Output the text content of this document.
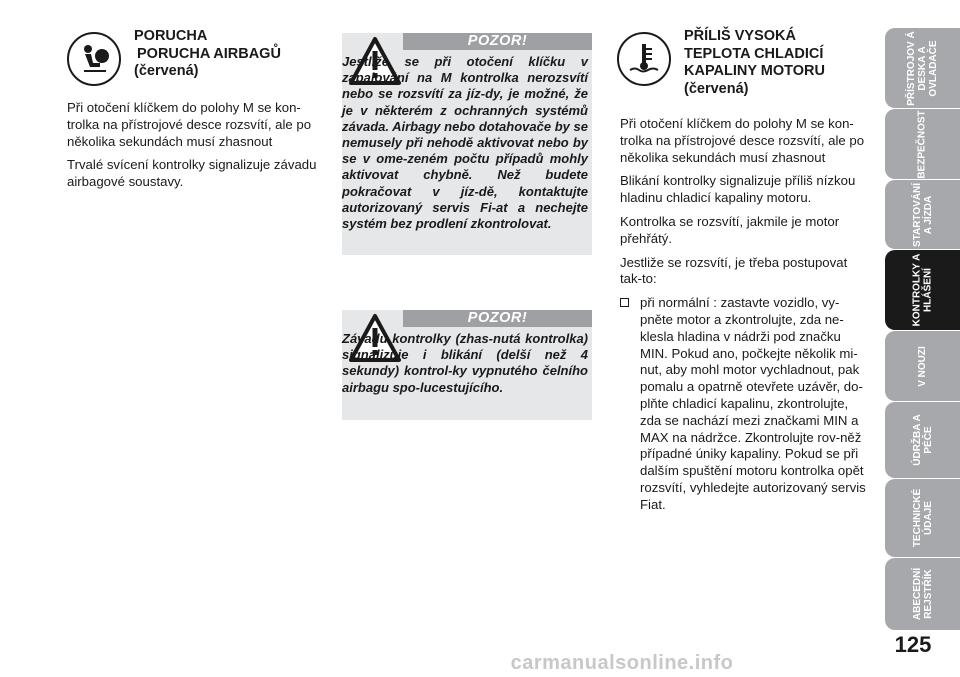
PORUCHA
PORUCHA AIRBAGŮ
(červená)

Při otočení klíčkem do polohy M se kon-trolka na přístrojové desce rozsvítí, ale po několika sekundách musí zhasnout

Trvalé svícení kontrolky signalizuje závadu airbagové soustavy.

POZOR!
Jestliže se při otočení klíčku v zapalování na M kontrolka nerozsvítí nebo se rozsvítí za jíz-dy, je možné, že je v některém z ochranných systémů závada. Airbagy nebo dotahovače by se nemusely při nehodě aktivovat nebo by se v ome-zeném počtu případů mohly aktivovat chybně. Než budete pokračovat v jíz-dě, kontaktujte autorizovaný servis Fi-at a nechejte systém bez prodlení zkontrolovat.
POZOR!
Závadu kontrolky (zhas-nutá kontrolka) signalizuje i blikání (delší než 4 sekundy) kontrol-ky vypnutého čelního airbagu spo-lucestujícího.
PŘÍLIŠ VYSOKÁ
TEPLOTA CHLADICÍ
KAPALINY MOTORU
(červená)

Při otočení klíčkem do polohy M se kon-trolka na přístrojové desce rozsvítí, ale po několika sekundách musí zhasnout

Blikání kontrolky signalizuje příliš nízkou hladinu chladicí kapaliny motoru.

Kontrolka se rozsvítí, jakmile je motor přehřátý.

Jestliže se rozsvítí, je třeba postupovat tak-to:

při normální : zastavte vozidlo, vy-pněte motor a zkontrolujte, zda ne-klesla hladina v nádrži pod značku MIN. Pokud ano, počkejte několik mi-nut, aby mohl motor vychladnout, pak pomalu a opatrně otevřete uzávěr, do-plňte chladicí kapalinu, zkontrolujte, zda se nachází mezi značkami MIN a MAX na nádržce. Zkontrolujte rov-něž případné úniky kapaliny. Pokud se při dalším spuštění motoru kontrolka opět rozsvítí, vyhledejte autorizovaný servis Fiat.
PŘÍSTROJOV Á DESKA A OVLADAČE
BEZPEČNOST
STARTOVÁNÍ A JÍZDA
KONTROLKY A HLÁŠENÍ
V NOUZI
ÚDRŽBA A PÉČE
TECHNICKÉ ÚDAJE
ABECEDNÍ REJSTŘÍK
125
carmanualsonline.info
